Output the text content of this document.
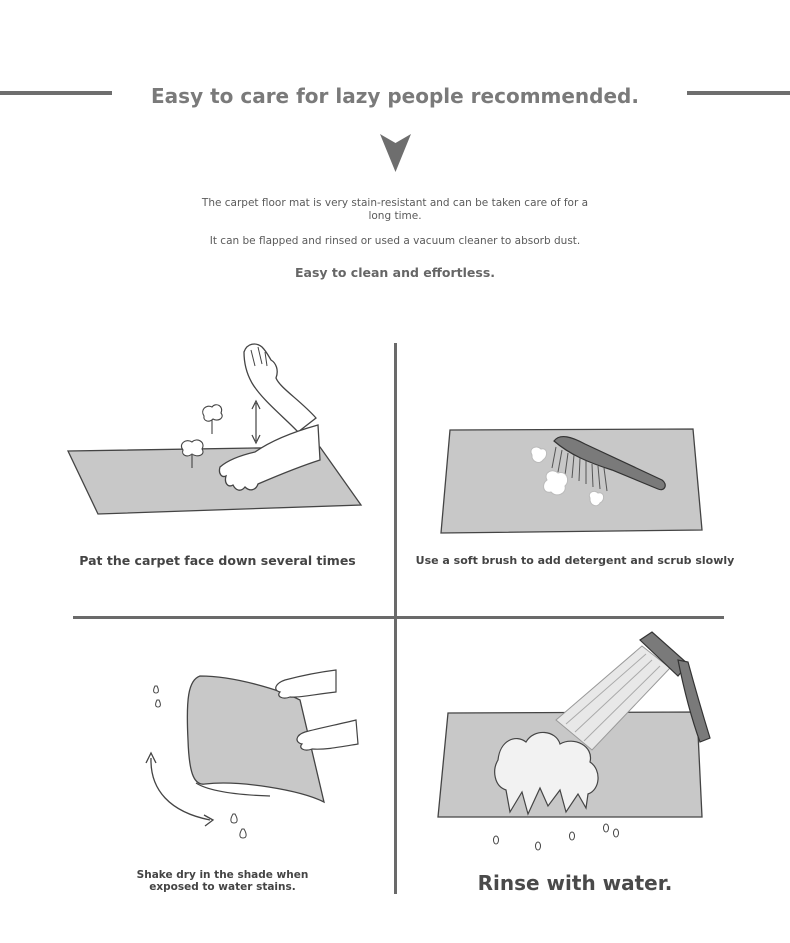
Easy to care for lazy people recommended.
The carpet floor mat is very stain-resistant and can be taken care of for a long time.
It can be flapped and rinsed or used a vacuum cleaner to absorb dust.
Easy to clean and effortless.
Pat the carpet face down several times	Use a soft brush to add detergent and scrub slowly
Shake dry in the shade when exposed to water stains.	Rinse with water.
